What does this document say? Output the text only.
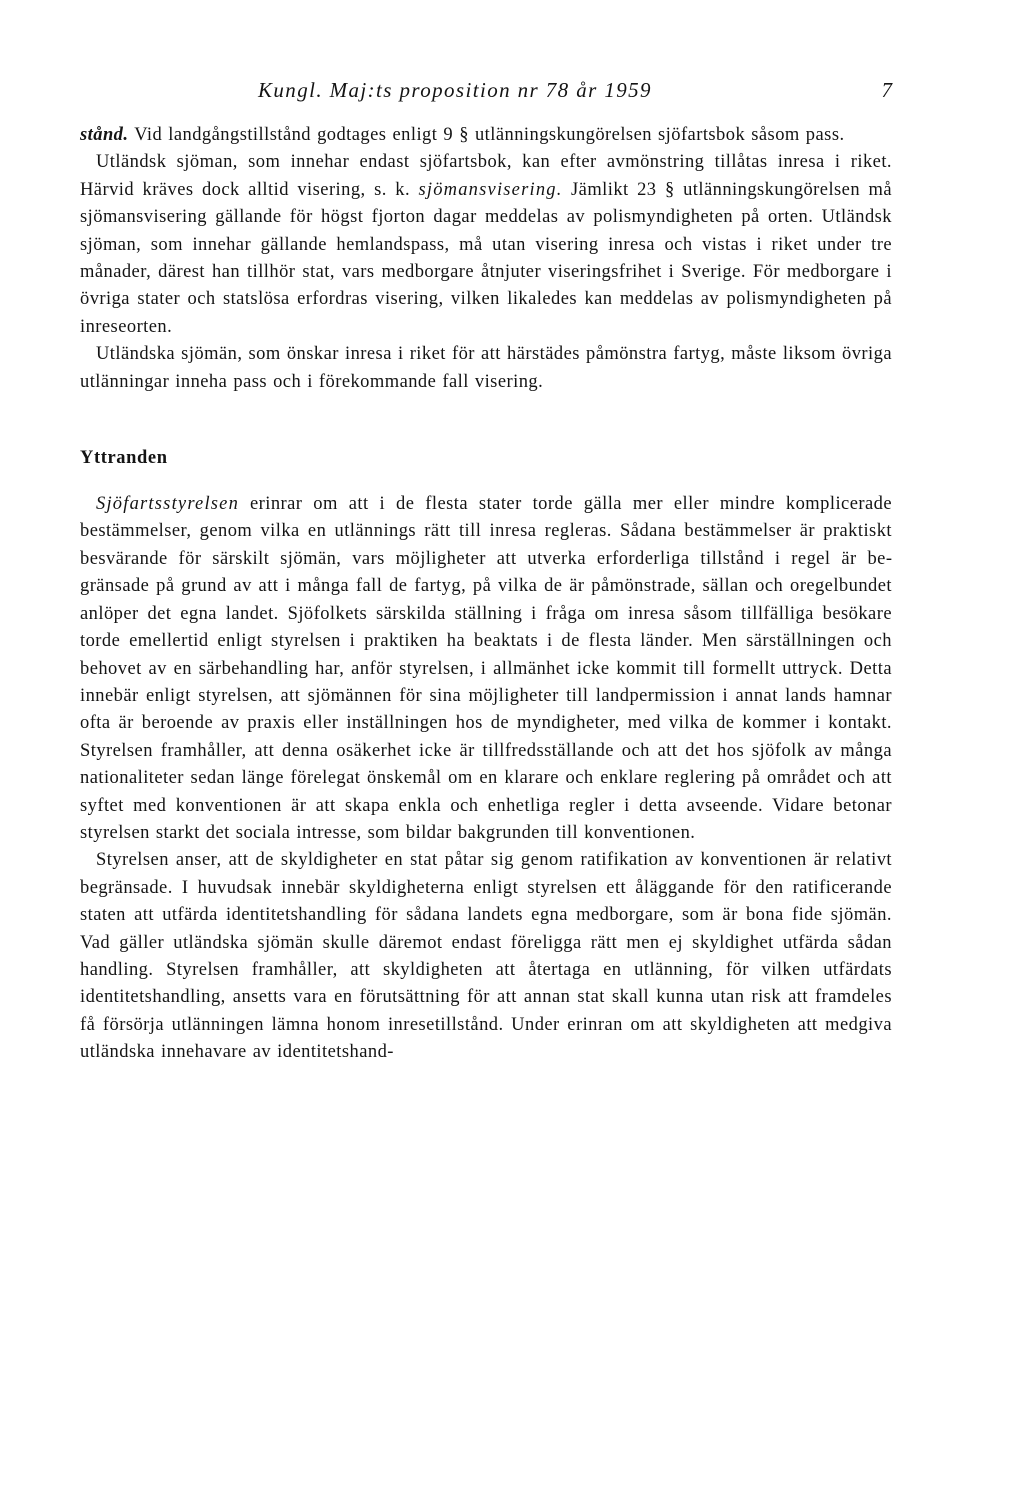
Kungl. Maj:ts proposition nr 78 år 1959	7

stånd. Vid landgångstillstånd godtages enligt 9 § utlänningskungörelsen sjöfartsbok såsom pass.

Utländsk sjöman, som innehar endast sjöfartsbok, kan efter avmönstring tillåtas inresa i riket. Härvid kräves dock alltid visering, s. k. sjömansvisering. Jämlikt 23 § utlänningskungörelsen må sjömansvisering gällande för högst fjorton dagar meddelas av polismyndigheten på orten. Utländsk sjöman, som innehar gällande hemlandspass, må utan visering inresa och vistas i riket under tre månader, därest han tillhör stat, vars medborgare åtnjuter viseringsfrihet i Sverige. För medborgare i övriga stater och statslösa erfordras visering, vilken likaledes kan meddelas av polismyndigheten på inreseorten.

Utländska sjömän, som önskar inresa i riket för att härstädes påmönstra fartyg, måste liksom övriga utlänningar inneha pass och i förekommande fall visering.

Yttranden

Sjöfartsstyrelsen erinrar om att i de flesta stater torde gälla mer eller mindre komplicerade bestämmelser, genom vilka en utlännings rätt till inresa regleras. Sådana bestämmelser är praktiskt besvärande för särskilt sjömän, vars möjligheter att utverka erforderliga tillstånd i regel är begränsade på grund av att i många fall de fartyg, på vilka de är påmönstrade, sällan och oregelbundet anlöper det egna landet. Sjöfolkets särskilda ställning i fråga om inresa såsom tillfälliga besökare torde emellertid enligt styrelsen i praktiken ha beaktats i de flesta länder. Men särställningen och behovet av en särbehandling har, anför styrelsen, i allmänhet icke kommit till formellt uttryck. Detta innebär enligt styrelsen, att sjömännen för sina möjligheter till landpermission i annat lands hamnar ofta är beroende av praxis eller inställningen hos de myndigheter, med vilka de kommer i kontakt. Styrelsen framhåller, att denna osäkerhet icke är tillfredsställande och att det hos sjöfolk av många nationaliteter sedan länge förelegat önskemål om en klarare och enklare reglering på området och att syftet med konventionen är att skapa enkla och enhetliga regler i detta avseende. Vidare betonar styrelsen starkt det sociala intresse, som bildar bakgrunden till konventionen.

Styrelsen anser, att de skyldigheter en stat påtar sig genom ratifikation av konventionen är relativt begränsade. I huvudsak innebär skyldigheterna enligt styrelsen ett åläggande för den ratificerande staten att utfärda identitetshandling för sådana landets egna medborgare, som är bona fide sjömän. Vad gäller utländska sjömän skulle däremot endast föreligga rätt men ej skyldighet utfärda sådan handling. Styrelsen framhåller, att skyldigheten att återtaga en utlänning, för vilken utfärdats identitetshandling, ansetts vara en förutsättning för att annan stat skall kunna utan risk att framdeles få försörja utlänningen lämna honom inresetillstånd. Under erinran om att skyldigheten att medgiva utländska innehavare av identitetshand-
